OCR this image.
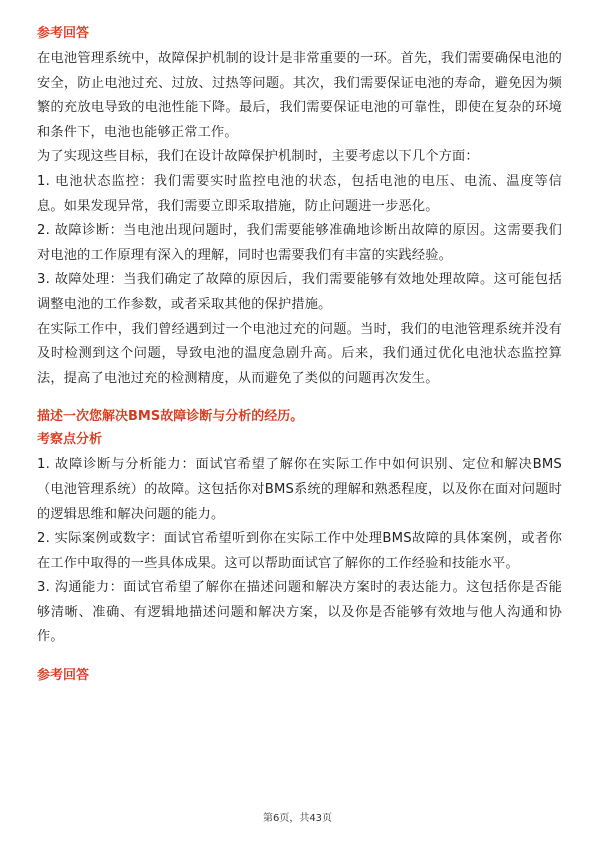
参考回答

在电池管理系统中，故障保护机制的设计是非常重要的一环。首先，我们需要确保电池的安全，防止电池过充、过放、过热等问题。其次，我们需要保证电池的寿命，避免因为频繁的充放电导致的电池性能下降。最后，我们需要保证电池的可靠性，即使在复杂的环境和条件下，电池也能够正常工作。

为了实现这些目标，我们在设计故障保护机制时，主要考虑以下几个方面：

1. 电池状态监控：我们需要实时监控电池的状态，包括电池的电压、电流、温度等信息。如果发现异常，我们需要立即采取措施，防止问题进一步恶化。

2. 故障诊断：当电池出现问题时，我们需要能够准确地诊断出故障的原因。这需要我们对电池的工作原理有深入的理解，同时也需要我们有丰富的实践经验。

3. 故障处理：当我们确定了故障的原因后，我们需要能够有效地处理故障。这可能包括调整电池的工作参数，或者采取其他的保护措施。

在实际工作中，我们曾经遇到过一个电池过充的问题。当时，我们的电池管理系统并没有及时检测到这个问题，导致电池的温度急剧升高。后来，我们通过优化电池状态监控算法，提高了电池过充的检测精度，从而避免了类似的问题再次发生。

描述一次您解决BMS故障诊断与分析的经历。
考察点分析

1. 故障诊断与分析能力：面试官希望了解你在实际工作中如何识别、定位和解决BMS（电池管理系统）的故障。这包括你对BMS系统的理解和熟悉程度，以及你在面对问题时的逻辑思维和解决问题的能力。

2. 实际案例或数字：面试官希望听到你在实际工作中处理BMS故障的具体案例，或者你在工作中取得的一些具体成果。这可以帮助面试官了解你的工作经验和技能水平。

3. 沟通能力：面试官希望了解你在描述问题和解决方案时的表达能力。这包括你是否能够清晰、准确、有逻辑地描述问题和解决方案，以及你是否能够有效地与他人沟通和协作。

参考回答
第6页，共43页
